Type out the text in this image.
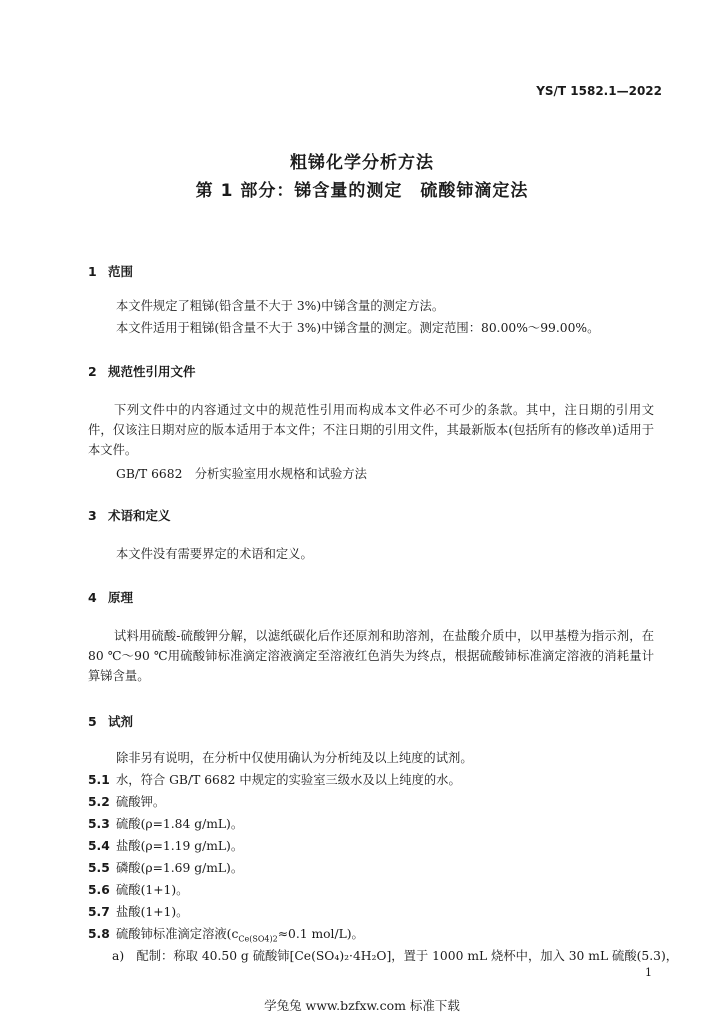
YS/T 1582.1—2022
粗锑化学分析方法
第 1 部分：锑含量的测定　硫酸铈滴定法
1 范围
本文件规定了粗锑(铅含量不大于 3%)中锑含量的测定方法。
本文件适用于粗锑(铅含量不大于 3%)中锑含量的测定。测定范围：80.00%～99.00%。
2 规范性引用文件
下列文件中的内容通过文中的规范性引用而构成本文件必不可少的条款。其中，注日期的引用文件，仅该注日期对应的版本适用于本文件；不注日期的引用文件，其最新版本(包括所有的修改单)适用于本文件。
GB/T 6682　分析实验室用水规格和试验方法
3 术语和定义
本文件没有需要界定的术语和定义。
4 原理
试料用硫酸-硫酸钾分解，以滤纸碳化后作还原剂和助溶剂，在盐酸介质中，以甲基橙为指示剂，在 80 ℃～90 ℃用硫酸铈标准滴定溶液滴定至溶液红色消失为终点，根据硫酸铈标准滴定溶液的消耗量计算锑含量。
5 试剂
除非另有说明，在分析中仅使用确认为分析纯及以上纯度的试剂。
5.1 水，符合 GB/T 6682 中规定的实验室三级水及以上纯度的水。
5.2 硫酸钾。
5.3 硫酸(ρ=1.84 g/mL)。
5.4 盐酸(ρ=1.19 g/mL)。
5.5 磷酸(ρ=1.69 g/mL)。
5.6 硫酸(1+1)。
5.7 盐酸(1+1)。
5.8 硫酸铈标准滴定溶液($c_{Ce(SO4)2}\approx 0.1$ mol/L)。
a)　配制：称取 40.50 g 硫酸铈[Ce(SO₄)₂·4H₂O]，置于 1000 mL 烧杯中，加入 30 mL 硫酸(5.3)，
1
学兔兔 www.bzfxw.com 标准下载
